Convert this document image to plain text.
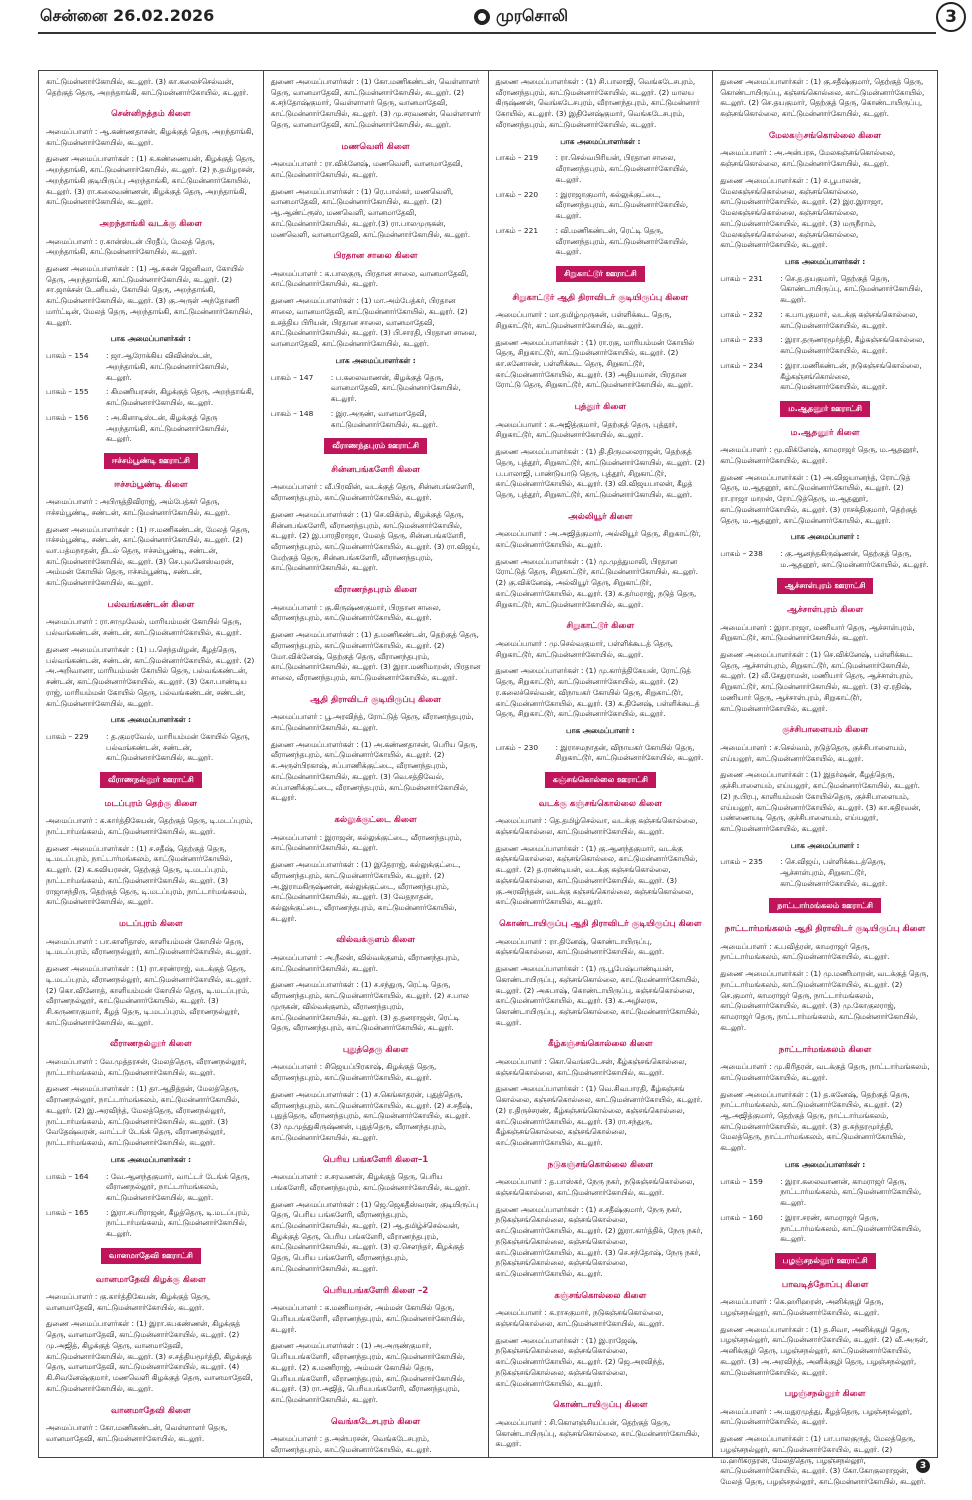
சென்னை 26.02.2026	முரசொலி	3

காட்டுமன்னார்கோயில், கடலூர். (3) கா.கலைச்செல்வன், தெற்குத் தெரு, அறந்தாங்கி, காட்டுமன்னார்கோயில், கடலூர்.

சென்னிநத்தம் கிளை

அமைப்பாளர் : ஆ.கண்ணதாசன், கிழக்குத் தெரு, அறந்தாங்கி, காட்டுமன்னார்கோயில், கடலூர்.

துணை அமைப்பாளர்கள் : (1) க.கண்ணையன், கிழக்குத் தெரு, அறந்தாங்கி, காட்டுமன்னார்கோயில், கடலூர். (2) ந.தமிழரசன், அறந்தாங்கி குடியிருப்பு அறந்தாங்கி, காட்டுமன்னார்கோயில், கடலூர். (3) ரா.கலைவண்ணன், கிழக்குத் தெரு, அறந்தாங்கி, காட்டுமன்னார்கோயில், கடலூர்.

அறந்தாங்கி வடக்கு கிளை

அமைப்பாளர் : ர.கான்ஸ்டன் பிரதீப், மேலத் தெரு, அறந்தாங்கி, காட்டுமன்னார்கோயில், கடலூர்.

துணை அமைப்பாளர்கள் : (1) ஆ.சுகன் ஜெனிவா, கோயில் தெரு, அறந்தாங்கி, காட்டுமன்னார்கோயில், கடலூர். (2) சா.ஜாக்சன் டேனியல், கோயில் தெரு, அறந்தாங்கி, காட்டுமன்னார்கோயில், கடலூர். (3) கு.அருள் அந்தோணி மார்ட்டின், மேலத் தெரு, அறந்தாங்கி, காட்டுமன்னார்கோயில், கடலூர்.

பாக அமைப்பாளர்கள் :
பாகம் – 154	: ஜா.ஆரோக்கிய விவின்ஸ்டன், அறந்தாங்கி, காட்டுமன்னார்கோயில், கடலூர்.
பாகம் – 155	: கிமணியரசன், கிழக்குத் தெரு, அறந்தாங்கி, காட்டுமன்னார்கோயில், கடலூர்.
பாகம் – 156	: அ.கிளாடிஸ்டன், கிழக்குத் தெரு அறந்தாங்கி, காட்டுமன்னார்கோயில், கடலூர்.
ஈச்சம்பூண்டி ஊராட்சி
ஈச்சம்பூண்டி கிளை

அமைப்பாளர் : அபிருத்திவிராஜ், அம்பேத்கர் தெரு, ஈச்சம்பூண்டி, சண்டன், காட்டுமன்னார்கோயில், கடலூர்.

துணை அமைப்பாளர்கள் : (1) ஈ.மணிகண்டன், மேலத் தெரு, ஈச்சம்பூண்டி, சண்டன், காட்டுமன்னார்கோயில், கடலூர். (2) வா.பத்மநாதன், திடல் தெரு, ஈச்சம்பூண்டி, சண்டன், காட்டுமன்னார்கோயில், கடலூர். (3) செ.புவனேஸ்வரன், அம்மன் கோயில் தெரு, ஈச்சம்பூண்டி, சண்டன், காட்டுமன்னார்கோயில், கடலூர்.

பல்வங்கண்டன் கிளை

அமைப்பாளர் : ரா.சாமுவேல், மாரியம்மன் கோயில் தெரு, பல்வங்கண்டன், சண்டன், காட்டுமன்னார்கோயில், கடலூர்.

துணை அமைப்பாளர்கள் : (1) ப.செந்தமிழன், கீழத்தெரு, பல்வங்கண்டன், சண்டன், காட்டுமன்னார்கோயில், கடலூர். (2) அ.அறிவானா, மாரியம்மன் கோயில் தெரு, பல்வங்கண்டன், சண்டன், காட்டுமன்னார்கோயில், கடலூர். (3) கோ.பாண்டிய ராஜ், மாரியம்மன் கோயில் தெரு, பல்வங்கண்டன், சண்டன், காட்டுமன்னார்கோயில், கடலூர்.

பாக அமைப்பாளர்கள் :
பாகம் – 229	: த.குமரவேல், மாரியம்மன் கோயில் தெரு, பல்வங்கண்டன், சண்டன், காட்டுமன்னார்கோயில், கடலூர்.
வீராணநல்லூர் ஊராட்சி
மடப்புரம் தெற்கு கிளை

அமைப்பாளர் : க.கார்த்திகேயன், தெற்குத் தெரு, டி.மடப்புரம், நாட்டார்மங்கலம், காட்டுமன்னார்கோயில், கடலூர்.

துணை அமைப்பாளர்கள் : (1) ச.சதீஷ், தெற்குத் தெரு, டி.மடப்புரம், நாட்டார்மங்கலம், காட்டுமன்னார்கோயில், கடலூர். (2) க.கவியரசன், தெற்குத் தெரு, டி.மடப்புரம், நாட்டார்மங்கலம், காட்டுமன்னார்கோயில், கடலூர். (3) ராஜாசந்திரு, தெற்குத் தெரு, டி.மடப்புரம், நாட்டார்மங்கலம், காட்டுமன்னார்கோயில், கடலூர்.

மடப்புரம் கிளை

அமைப்பாளர் : பா.காளிதாஸ், காளியம்மன் கோயில் தெரு, டி.மடப்புரம், வீராணநல்லூர், காட்டுமன்னார்கோயில், கடலூர்.

துணை அமைப்பாளர்கள் : (1) ரா.சரண்ராஜ், வடக்குத் தெரு, டி.மடப்புரம், வீராணநல்லூர், காட்டுமன்னார்கோயில், கடலூர். (2) கொ.வினோத், காளியம்மன் கோயில் தெரு, டி.மடப்புரம், வீராணநல்லூர், காட்டுமன்னார்கோயில், கடலூர். (3) சி.கருணாகுமார், கீழத் தெரு, டி.மடப்புரம், வீராணநல்லூர், காட்டுமன்னார்கோயில், கடலூர்.

வீராணநல்லூர் கிளை

அமைப்பாளர் : வே.முத்தரசன், மேலத்தெரு, வீராணநல்லூர், நாட்டார்மங்கலம், காட்டுமன்னார்கோயில், கடலூர்.

துணை அமைப்பாளர்கள் : (1) தா.ஆதித்தன், மேலத்தெரு, வீராணநல்லூர், நாட்டார்மங்கலம், காட்டுமன்னார்கோயில், கடலூர். (2) இ.அரவிந்த், மேலத்தெரு, வீராணநல்லூர், நாட்டார்மங்கலம், காட்டுமன்னார்கோயில், கடலூர். (3) வேதேஷ்வரன், வாட்டர் டேங்க் தெரு, வீராணநல்லூர், நாட்டார்மங்கலம், காட்டுமன்னார்கோயில், கடலூர்.

பாக அமைப்பாளர்கள் :
பாகம் – 164	: வே.ஆனந்தகுமார், வாட்டர் டேங்க் தெரு, வீராணநல்லூர், நாட்டார்மங்கலம், காட்டுமன்னார்கோயில், கடலூர்.
பாகம் – 165	: இரா.சபரிராஜன், கீழத்தெரு, டி.மடப்புரம், நாட்டார்மங்கலம், காட்டுமன்னார்கோயில், கடலூர்.
வானமாதேவி ஊராட்சி
வானமாதேவி கிழக்கு கிளை

அமைப்பாளர் : கு.கார்த்திகேயன், கிழக்குத் தெரு, வானமாதேவி, காட்டுமன்னார்கோயில், கடலூர்.

துணை அமைப்பாளர்கள் : (1) இரா.சுபகண்ணன், கிழக்குத் தெரு, வானமாதேவி, காட்டுமன்னார்கோயில், கடலூர். (2) மு.அஜித், கிழக்குத் தெரு, வானமாதேவி, காட்டுமன்னார்கோயில், கடலூர். (3) ச.சத்தியமூர்த்தி, கிழக்குத் தெரு, வானமாதேவி, காட்டுமன்னார்கோயில், கடலூர். (4) கி.சிவனேஷ்குமார், மணவெளி கிழக்குத் தெரு, வானமாதேவி, காட்டுமன்னார்கோயில், கடலூர்.

வானமாதேவி கிளை

அமைப்பாளர் : கோ.மணிகண்டன், வெள்ளாளர் தெரு, வானமாதேவி, காட்டுமன்னார்கோயில், கடலூர்.

துணை அமைப்பாளர்கள் : (1) கோ.மணிகண்டன், வெள்ளாளர் தெரு, வானமாதேவி, காட்டுமன்னார்கோயில், கடலூர். (2) க.சந்தோஷ்குமார், வெள்ளாளர் தெரு, வானமாதேவி, காட்டுமன்னார்கோயில், கடலூர். (3) மு.சரவணன், வெள்ளாளர் தெரு, வானமாதேவி, காட்டுமன்னார்கோயில், கடலூர்.

மணவெளி கிளை

அமைப்பாளர் : ரா.விக்னேஷ், மணவெளி, வானமாதேவி, காட்டுமன்னார்கோயில், கடலூர்.

துணை அமைப்பாளர்கள் : (1) ரெ.பால்கர், மணவெளி, வானமாதேவி, காட்டுமன்னார்கோயில், கடலூர். (2) ஆ.ஆண்ட்ரூஸ், மணவெளி, வானமாதேவி, காட்டுமன்னார்கோயில், கடலூர்.(3) ரா.பாலமுருகன், மணவெளி, வானமாதேவி, காட்டுமன்னார்கோயில், கடலூர்.

பிரதான சாலை கிளை

அமைப்பாளர் : க.பாலகுரு, பிரதான சாலை, வானமாதேவி, காட்டுமன்னார்கோயில், கடலூர்.

துணை அமைப்பாளர்கள் : (1) மா.அம்பேத்கர், பிரதான சாலை, வானமாதேவி, காட்டுமன்னார்கோயில், கடலூர். (2) உசத்திய பிரியன், பிரதான சாலை, வானமாதேவி, காட்டுமன்னார்கோயில், கடலூர். (3) பி.சாரதி, பிரதான சாலை, வானமாதேவி, காட்டுமன்னார்கோயில், கடலூர்.

பாக அமைப்பாளர்கள் :
பாகம் – 147	: ப.கலைவாணன், கிழக்குத் தெரு, வானமாதேவி, காட்டுமன்னார்கோயில், கடலூர்.
பாகம் – 148	: இர.அருண், வானமாதேவி, காட்டுமன்னார்கோயில், கடலூர்.
வீராணந்தபுரம் ஊராட்சி
சின்னபங்களேரி கிளை

அமைப்பாளர் : வீ.பிரவின், வடக்குத் தெரு, சின்னபங்களேரி, வீராணந்தபுரம், காட்டுமன்னார்கோயில், கடலூர்.

துணை அமைப்பாளர்கள் : (1) செ.விக்ரம், கிழக்குத் தெரு, சின்னபங்களேரி, வீராணந்தபுரம், காட்டுமன்னார்கோயில், கடலூர். (2) இ.பாரதிராஜா, மேலத் தெரு, சின்னபங்களேரி, வீராணந்தபுரம், காட்டுமன்னார்கோயில், கடலூர். (3) ரா.விஜய், மேற்குத் தெரு, சின்னபங்களேரி, வீராணந்தபுரம், காட்டுமன்னார்கோயில், கடலூர்.

வீராணந்தபுரம் கிளை

அமைப்பாளர் : கு.கிருஷ்ணகுமார், பிரதான சாலை, வீராணந்தபுரம், காட்டுமன்னார்கோயில், கடலூர்.

துணை அமைப்பாளர்கள் : (1) த.மணிகண்டன், தெற்குத் தெரு, வீராணந்தபுரம், காட்டுமன்னார்கோயில், கடலூர். (2) மோ.விக்னேஷ், தெற்குத் தெரு, வீராணந்தபுரம், காட்டுமன்னார்கோயில், கடலூர். (3) இரா.மணிமாறன், பிரதான சாலை, வீராணந்தபுரம், காட்டுமன்னார்கோயில், கடலூர்.

ஆதி திராவிடர் குடியிருப்பு கிளை

அமைப்பாளர் : பூ.அரவிந்த், ரோட்டுத் தெரு, வீராணந்தபுரம், காட்டுமன்னார்கோயில், கடலூர்.

துணை அமைப்பாளர்கள் : (1) அ.கண்ணதாசன், பெரிய தெரு, வீராணந்தபுரம், காட்டுமன்னார்கோயில், கடலூர். (2) சு.அருள்பிரகாஷ், சப்பாணிக்குட்டை, வீராணந்தபுரம், காட்டுமன்னார்கோயில், கடலூர். (3) வெ.சத்திவேல், சப்பாணிக்குட்டை, வீராணந்தபுரம், காட்டுமன்னார்கோயில், கடலூர்.

கல்லுக்குட்டை கிளை

அமைப்பாளர் : இராஜன், கல்லுக்குட்டை, வீராணந்தபுரம், காட்டுமன்னார்கோயில், கடலூர்.

துணை அமைப்பாளர்கள் : (1) இதேராஜ், கல்லுக்குட்டை, வீராணந்தபுரம், காட்டுமன்னார்கோயில், கடலூர். (2) அ.இராமகிருஷ்ணன், கல்லுக்குட்டை, வீராணந்தபுரம், காட்டுமன்னார்கோயில், கடலூர். (3) வேதநாதன், கல்லுக்குட்டை, வீராணந்தபுரம், காட்டுமன்னார்கோயில், கடலூர்.

வில்வக்குளம் கிளை

அமைப்பாளர் : அ.நீலன், வில்வக்குளம், வீராணந்தபுரம், காட்டுமன்னார்கோயில், கடலூர்.

துணை அமைப்பாளர்கள் : (1) ச.சந்துரு, ரெட்டி தெரு, வீராணந்தபுரம், காட்டுமன்னார்கோயில், கடலூர். (2) ச.பால முருகன், வில்வக்குளம், வீராணந்தபுரம், காட்டுமன்னார்கோயில், கடலூர். (3) த.தனராஜன், ரெட்டி தெரு, வீராணந்தபுரம், காட்டுமன்னார்கோயில், கடலூர்.

புதுத்தெரு கிளை

அமைப்பாளர் : சிஜெயப்பிரகாஷ், கிழக்குத் தெரு, வீராணந்தபுரம், காட்டுமன்னார்கோயில், கடலூர்.

துணை அமைப்பாளர்கள் : (1) ச.கெங்காதரன், புதுத்தெரு, வீராணந்தபுரம், காட்டுமன்னார்கோயில், கடலூர். (2) ச.சதீஷ், புதுத்தெரு, வீராணந்தபுரம், காட்டுமன்னார்கோயில், கடலூர். (3) மு.முத்துகிருஷ்ணன், புதுத்தெரு, வீராணந்தபுரம், காட்டுமன்னார்கோயில், கடலூர்.

பெரிய பங்களேரி கிளை–1

அமைப்பாளர் : ச.சரவணன், கிழக்குத் தெரு, பெரிய பங்களேரி, வீராணந்தபுரம், காட்டுமன்னார்கோயில், கடலூர்.

துணை அமைப்பாளர்கள் : (1) ஜெ.ஜெகதீஸ்வரன், குடியிருப்பு தெரு, பெரிய பங்களேரி, வீராணந்தபுரம், காட்டுமன்னார்கோயில், கடலூர். (2) ஆ.தமிழ்ச்செல்வன், கிழக்குத் தெரு, பெரிய பங்களேரி, வீராணந்தபுரம், காட்டுமன்னார்கோயில், கடலூர். (3) ஏ.சௌந்தர், கிழக்குத் தெரு, பெரிய பங்களேரி, வீராணந்தபுரம், காட்டுமன்னார்கோயில், கடலூர்.

பெரியபங்களேரி கிளை –2

அமைப்பாளர் : க.மணிமாறன், அம்மன் கோயில் தெரு, பெரியபங்களேரி, வீராணந்தபுரம், காட்டுமன்னார்கோயில், கடலூர்.

துணை அமைப்பாளர்கள் : (1) அ.அருண்குமார், பெரியபங்களேரி, வீராணந்தபுரம், காட்டுமன்னார்கோயில், கடலூர். (2) க.மணிராஜ், அம்மன் கோயில் தெரு, பெரியபங்களேரி, வீராணந்தபுரம், காட்டுமன்னார்கோயில், கடலூர். (3) ரா.அஜித், பெரியபங்களேரி, வீராணந்தபுரம், காட்டுமன்னார்கோயில், கடலூர்.

வெங்கடேசபுரம் கிளை

அமைப்பாளர் : த.அன்பரசன், வெங்கடேசபுரம், வீராணந்தபுரம், காட்டுமன்னார்கோயில், கடலூர்.

துணை அமைப்பாளர்கள் : (1) சி.பாலாஜி, வெங்கடேசபுரம், வீராணந்தபுரம், காட்டுமன்னார்கோயில், கடலூர். (2) மாலய கிருஷ்ணன், வெங்கடேசபுரம், வீராணந்தபுரம், காட்டுமன்னார் கோயில், கடலூர். (3) இதினேஷ்குமார், வெங்கடேசபுரம், வீராணந்தபுரம், காட்டுமன்னார்கோயில், கடலூர்.

பாக அமைப்பாளர்கள் :
பாகம் – 219	: ரா.செல்வபிரியன், பிரதான சாலை, வீராணந்தபுரம், காட்டுமன்னார்கோயில், கடலூர்.
பாகம் – 220	: இராஜாகுமார், கல்லுக்குட்டை, வீராணந்தபுரம், காட்டுமன்னார்கோயில், கடலூர்.
பாகம் – 221	: வி.மணிகண்டன், ரெட்டி தெரு, வீராணந்தபுரம், காட்டுமன்னார்கோயில், கடலூர்.
சிறுகாட்டூர் ஊராட்சி
சிறுகாட்டூர் ஆதி திராவிடர் குடியிருப்பு கிளை

அமைப்பாளர் : மா.தமிழ்முருகன், பள்ளிக்கூட தெரு, சிறுகாட்டூர், காட்டுமன்னார்கோயில், கடலூர்.

துணை அமைப்பாளர்கள் : (1) ரா.ரகு, மாரியம்மன் கோயில் தெரு, சிறுகாட்டூர், காட்டுமன்னார்கோயில், கடலூர். (2) கா.சுனோசன், பள்ளிக்கூட தெரு, சிறுகாட்டூர், காட்டுமன்னார்கோயில், கடலூர். (3) அதியமான், பிரதான ரோட்டு தெரு, சிறுகாட்டூர், காட்டுமன்னார்கோயில், கடலூர்.

புத்தூர் கிளை

அமைப்பாளர் : க.அஜித்குமார், தெற்குத் தெரு, புத்தூர், சிறுகாட்டூர், காட்டுமன்னார்கோயில், கடலூர்.

துணை அமைப்பாளர்கள் : (1) தி.திருமலைராஜன், தெற்குத் தெரு, புத்தூர், சிறுகாட்டூர், காட்டுமன்னார்கோயில், கடலூர். (2) ப.பாலாஜி, பாண்டுயாடு தெரு, புத்தூர், சிறுகாட்டூர், காட்டுமன்னார்கோயில், கடலூர். (3) வி.விஜயபாலன், கீழத் தெரு, புத்தூர், சிறுகாட்டூர், காட்டுமன்னார்கோயில், கடலூர்.

அல்லியூர் கிளை

அமைப்பாளர் : அ.அஜித்குமார், அல்லியூர் தெரு, சிறுகாட்டூர், காட்டுமன்னார்கோயில், கடலூர்.

துணை அமைப்பாளர்கள் : (1) மு.முத்துமாலி, பிரதான ரோட்டுத் தெரு, சிறுகாட்டூர், காட்டுமன்னார்கோயில், கடலூர். (2) கு.விக்னேஷ், அல்லியூர் தெரு, சிறுகாட்டூர், காட்டுமன்னார்கோயில், கடலூர். (3) க.தர்மராஜ், நடுத் தெரு, சிறுகாட்டூர், காட்டுமன்னார்கோயில், கடலூர்.

சிறுகாட்டூர் கிளை

அமைப்பாளர் : மு.செல்வகுமார், பள்ளிக்கூடத் தெரு, சிறுகாட்டூர், காட்டுமன்னார்கோயில், கடலூர்.

துணை அமைப்பாளர்கள் : (1) மு.கார்த்திகேயன், ரோட்டுத் தெரு, சிறுகாட்டூர், காட்டுமன்னார்கோயில், கடலூர். (2) ர.கலைச்செல்வன், விநாயகர் கோயில் தெரு, சிறுகாட்டூர், காட்டுமன்னார்கோயில், கடலூர். (3) க.தினேஷ், பள்ளிக்கூடத் தெரு, சிறுகாட்டூர், காட்டுமன்னார்கோயில், கடலூர்.

பாக அமைப்பாளர் :
பாகம் – 230	: இராசமநாதன், விநாயகர் கோயில் தெரு, சிறுகாட்டூர், காட்டுமன்னார்கோயில், கடலூர்.
கஞ்சங்கொல்லை ஊராட்சி
வடக்கு கஞ்சங்கொல்லை கிளை

அமைப்பாளர் : தெ.தமிழ்செல்வா, வடக்கு கஞ்சங்கொல்லை, கஞ்சங்கொல்லை, காட்டுமன்னார்கோயில், கடலூர்.

துணை அமைப்பாளர்கள் : (1) கு.ஆனந்தகுமார், வடக்கு கஞ்சங்கொல்லை, கஞ்சங்கொல்லை, காட்டுமன்னார்கோயில், கடலூர். (2) த.ராண்டியன், வடக்கு கஞ்சங்கொல்லை, கஞ்சங்கொல்லை, காட்டுமன்னார்கோயில், கடலூர். (3) கு.அரவிந்தன், வடக்கு கஞ்சங்கொல்லை, கஞ்சங்கொல்லை, காட்டுமன்னார்கோயில், கடலூர்.

கொண்டாயிருப்பு ஆதி திராவிடர் குடியிருப்பு கிளை

அமைப்பாளர் : ரா.தினேஷ், கொண்டாயிருப்பு, கஞ்சங்கொல்லை, காட்டுமன்னார்கோயில், கடலூர்.

துணை அமைப்பாளர்கள் : (1) ரு.பூபேஷ்பாண்டியன், கொண்டாயிருப்பு, கஞ்சங்கொல்லை, காட்டுமன்னார்கோயில், கடலூர். (2) அசுபாஷ், கொண்டாயிருப்பு, கஞ்சங்கொல்லை, காட்டுமன்னார்கோயில், கடலூர். (3) க.அழிலரசு, கொண்டாயிருப்பு, கஞ்சங்கொல்லை, காட்டுமன்னார்கோயில், கடலூர்.

கீழ்கஞ்சங்கொல்லை கிளை

அமைப்பாளர் : கொ.வெங்கடேசன், கீழ்கஞ்சங்கொல்லை, கஞ்சங்கொல்லை, காட்டுமன்னார்கோயில், கடலூர்.

துணை அமைப்பாளர்கள் : (1) வெ.சிவபாரதி, கீழ்கஞ்சங் கொல்லை, கஞ்சங்கொல்லை, காட்டுமன்னார்கோயில், கடலூர். (2) ர.திருச்சரண், கீழ்கஞ்சங்கொல்லை, கஞ்சங்கொல்லை, காட்டுமன்னார்கோயில், கடலூர். (3) ரா.சந்துரு, கீழ்கஞ்சங்கொல்லை, கஞ்சங்கொல்லை, காட்டுமன்னார்கோயில், கடலூர்.

நடுகஞ்சங்கொல்லை கிளை

அமைப்பாளர் : த.பாஸ்கர், நேரு நகர், நடுகஞ்சங்கொல்லை, கஞ்சங்கொல்லை, காட்டுமன்னார்கோயில், கடலூர்.

துணை அமைப்பாளர்கள் : (1) ச.சதீஷ்குமார், நேரு நகர், நடுகஞ்சங்கொல்லை, கஞ்சங்கொல்லை, காட்டுமன்னார்கோயில், கடலூர். (2) இரா.கார்த்திக், நேரு நகர், நடுகஞ்சங்கொல்லை, கஞ்சங்கொல்லை, காட்டுமன்னார்கோயில், கடலூர். (3) செ.சந்தோஷ், நேரு நகர், நடுகஞ்சங்கொல்லை, கஞ்சங்கொல்லை, காட்டுமன்னார்கோயில், கடலூர்.

கஞ்சங்கொல்லை கிளை

அமைப்பாளர் : க.ராசகுமார், நடுகஞ்சங்கொல்லை, கஞ்சங்கொல்லை, காட்டுமன்னார்கோயில், கடலூர்.

துணை அமைப்பாளர்கள் : (1) இ.ராஜேஷ், நடுகஞ்சங்கொல்லை, கஞ்சங்கொல்லை, காட்டுமன்னார்கோயில், கடலூர். (2) ஜெ.அரவிந்த், நடுகஞ்சங்கொல்லை, கஞ்சங்கொல்லை, காட்டுமன்னார்கோயில், கடலூர்.

கொண்டாயிருப்பு கிளை

அமைப்பாளர் : சி.கொளஞ்சியப்பன், தெற்குத் தெரு, கொண்டாயிருப்பு, கஞ்சங்கொல்லை, காட்டுமன்னார்கோயில், கடலூர்.

துணை அமைப்பாளர்கள் : (1) கு.சதீஷ்குமார், தெற்குத் தெரு, கொண்டாயிருப்பு, கஞ்சங்கொல்லை, காட்டுமன்னார்கோயில், கடலூர். (2) செ.தயகுமார், தெற்குத் தெரு, கொண்டாயிருப்பு, கஞ்சங்கொல்லை, காட்டுமன்னார்கோயில், கடலூர்.

மேலகஞ்சங்கொல்லை கிளை

அமைப்பாளர் : அ.அன்பரசு, மேலகஞ்சங்கொல்லை, கஞ்சங்கொல்லை, காட்டுமன்னார்கோயில், கடலூர்.

துணை அமைப்பாளர்கள் : (1) ச.பூபாலன், மேலகஞ்சங்கொல்லை, கஞ்சங்கொல்லை, காட்டுமன்னார்கோயில், கடலூர். (2) இர.இராஜா, மேலகஞ்சங்கொல்லை, கஞ்சங்கொல்லை, காட்டுமன்னார்கோயில், கடலூர். (3) மருநீராம், மேலகஞ்சங்கொல்லை, கஞ்சங்கொல்லை, காட்டுமன்னார்கோயில், கடலூர்.

பாக அமைப்பாளர்கள் :
பாகம் – 231	: செ.த.தயகுமார், தெற்குத் தெரு, கொண்டாயிருப்பு, காட்டுமன்னார்கோயில், கடலூர்.
பாகம் – 232	: க.பாபுகுமார், வடக்கு கஞ்சங்கொல்லை, காட்டுமன்னார்கோயில், கடலூர்.
பாகம் – 233	: இரா.தருணரமூர்த்தி, கீழ்கஞ்சங்கொல்லை, காட்டுமன்னார்கோயில், கடலூர்.
பாகம் – 234	: இரா.மணிகண்டன், நடுகஞ்சங்கொல்லை, கீழ்கஞ்சங்கொல்லை, காட்டுமன்னார்கோயில், கடலூர்.
ம.ஆதனூர் ஊராட்சி
ம.ஆதனூர் கிளை

அமைப்பாளர் : மூ.விக்னேஷ், காமராஜர் தெரு, ம.ஆதனூர், காட்டுமன்னார்கோயில், கடலூர்.

துணை அமைப்பாளர்கள் : (1) அ.விஜயானந்த், ரோட்டுத் தெரு, ம.ஆதனூர், காட்டுமன்னார்கோயில், கடலூர். (2) ரா.ராஜா மாறன், ரோட்டுத்தெரு, ம.ஆதனூர், காட்டுமன்னார்கோயில், கடலூர். (3) ராசக்திகுமார், தெற்குத் தெரு, ம.ஆதனூர், காட்டுமன்னார்கோயில், கடலூர்.

பாக அமைப்பாளர் :
பாகம் – 238	: கு.ஆனந்தகிருஷ்ணன், தெற்குத் தெரு, ம.ஆதனூர், காட்டுமன்னார்கோயில், கடலூர்.
ஆச்சாள்புரம் ஊராட்சி
ஆச்சாள்புரம் கிளை

அமைப்பாளர் : இரா.ராஜா, மணியார் தெரு, ஆச்சாள்புரம், சிறுகாட்டூர், காட்டுமன்னார்கோயில், கடலூர்.

துணை அமைப்பாளர்கள் : (1) செ.விக்னேஷ், பள்ளிக்கூட தெரு, ஆச்சாள்புரம், சிறுகாட்டூர், காட்டுமன்னார்கோயில், கடலூர். (2) வீ.சேதுராமன், மணியார் தெரு, ஆச்சாள்புரம், சிறுகாட்டூர், காட்டுமன்னார்கோயில், கடலூர். (3) ஏ.ரதிஷ், மணியார் தெரு, ஆச்சாள்புரம், சிறுகாட்டூர், காட்டுமன்னார்கோயில், கடலூர்.

குச்சிபாளையம் கிளை

அமைப்பாளர் : ச.செல்வம், நடுத்தெரு, குச்சிபாளையம், எய்யலூர், காட்டுமன்னார்கோயில், கடலூர்.

துணை அமைப்பாளர்கள் : (1) இதர்ஷன், கீழத்தெரு, குச்சிபாளையம், எய்யலூர், காட்டுமன்னார்கோயில், கடலூர். (2) ந.பிரபு, காளியம்மன் கோயில்தெரு, குச்சிபாளையம், எய்யலூர், காட்டுமன்னார்கோயில், கடலூர். (3) கா.கதிரவன், பண்ணையடி தெரு, குச்சிபாளையம், எய்யலூர், காட்டுமன்னார்கோயில், கடலூர்.

பாக அமைப்பாளர் :
பாகம் – 235	: செ.விஜய், பள்ளிக்கூடத்தெரு, ஆச்சாள்புரம், சிறுகாட்டூர், காட்டுமன்னார்கோயில், கடலூர்.
நாட்டார்மங்கலம் ஊராட்சி
நாட்டார்மங்கலம் ஆதி திராவிடர் குடியிருப்பு கிளை

அமைப்பாளர் : க.பவித்ரன், காமராஜர் தெரு, நாட்டார்மங்கலம், காட்டுமன்னார்கோயில், கடலூர்.

துணை அமைப்பாளர்கள் : (1) மு.மணிமாறன், வடக்குத் தெரு, நாட்டார்மங்கலம், காட்டுமன்னார்கோயில், கடலூர். (2) செ.குமார், காமராஜர் தெரு, நாட்டார்மங்கலம், காட்டுமன்னார்கோயில், கடலூர். (3) மு.கோகுலராஜ், காமராஜர் தெரு, நாட்டார்மங்கலம், காட்டுமன்னார்கோயில், கடலூர்.

நாட்டார்மங்கலம் கிளை

அமைப்பாளர் : மு.கிரிதரன், வடக்குத் தெரு, நாட்டார்மங்கலம், காட்டுமன்னார்கோயில், கடலூர்.

துணை அமைப்பாளர்கள் : (1) த.கனேஷ், தெற்குத் தெரு, நாட்டார்மங்கலம், காட்டுமன்னார்கோயில், கடலூர். (2) ஆ.அஜித்குமார், தெற்குத் தெரு, நாட்டார்மங்கலம், காட்டுமன்னார்கோயில், கடலூர். (3) த.சுந்தரமூர்த்தி, மேலத்தெரு, நாட்டார்மங்கலம், காட்டுமன்னார்கோயில், கடலூர்.

பாக அமைப்பாளர்கள் :
பாகம் – 159	: இரா.கலைவாணன், காமராஜர் தெரு, நாட்டார்மங்கலம், காட்டுமன்னார்கோயில், கடலூர்.
பாகம் – 160	: இரா.சரண், காமராஜர் தெரு, நாட்டார்மங்கலம், காட்டுமன்னார்கோயில், கடலூர்.
பழஞ்சநல்லூர் ஊராட்சி
பாவடித்தோப்பு கிளை

அமைப்பாளர் : கெ.ஹரிஹரன், அனிக்குழி தெரு, பழஞ்சநல்லூர், காட்டுமன்னார்கோயில், கடலூர்.

துணை அமைப்பாளர்கள் : (1) த.சிவா, அனிக்குழி தெரு, பழஞ்சநல்லூர், காட்டுமன்னார்கோயில், கடலூர். (2) வீ.அருள், அனிக்குழி தெரு, பழஞ்சநல்லூர், காட்டுமன்னார்கோயில், கடலூர். (3) அ.அரவிந்த், அனிக்குழி தெரு, பழஞ்சநல்லூர், காட்டுமன்னார்கோயில், கடலூர்.

பழஞ்சநல்லூர் கிளை

அமைப்பாளர் : அ.மதுரமுத்து, கீழத்தெரு, பழஞ்சநல்லூர், காட்டுமன்னார்கோயில், கடலூர்.

துணை அமைப்பாளர்கள் : (1) பா.பாலகுருத், மேலத்தெரு, பழஞ்சநல்லூர், காட்டுமன்னார்கோயில், கடலூர். (2) ம.ஹரிகரதரன், மேலத்தெரு, பழஞ்சநல்லூர், காட்டுமன்னார்கோயில், கடலூர். (3) கோ.கோகுலராஜன், மேலத் தெரு, பழஞ்சநல்லூர், காட்டுமன்னார்கோயில், கடலூர்.

3
